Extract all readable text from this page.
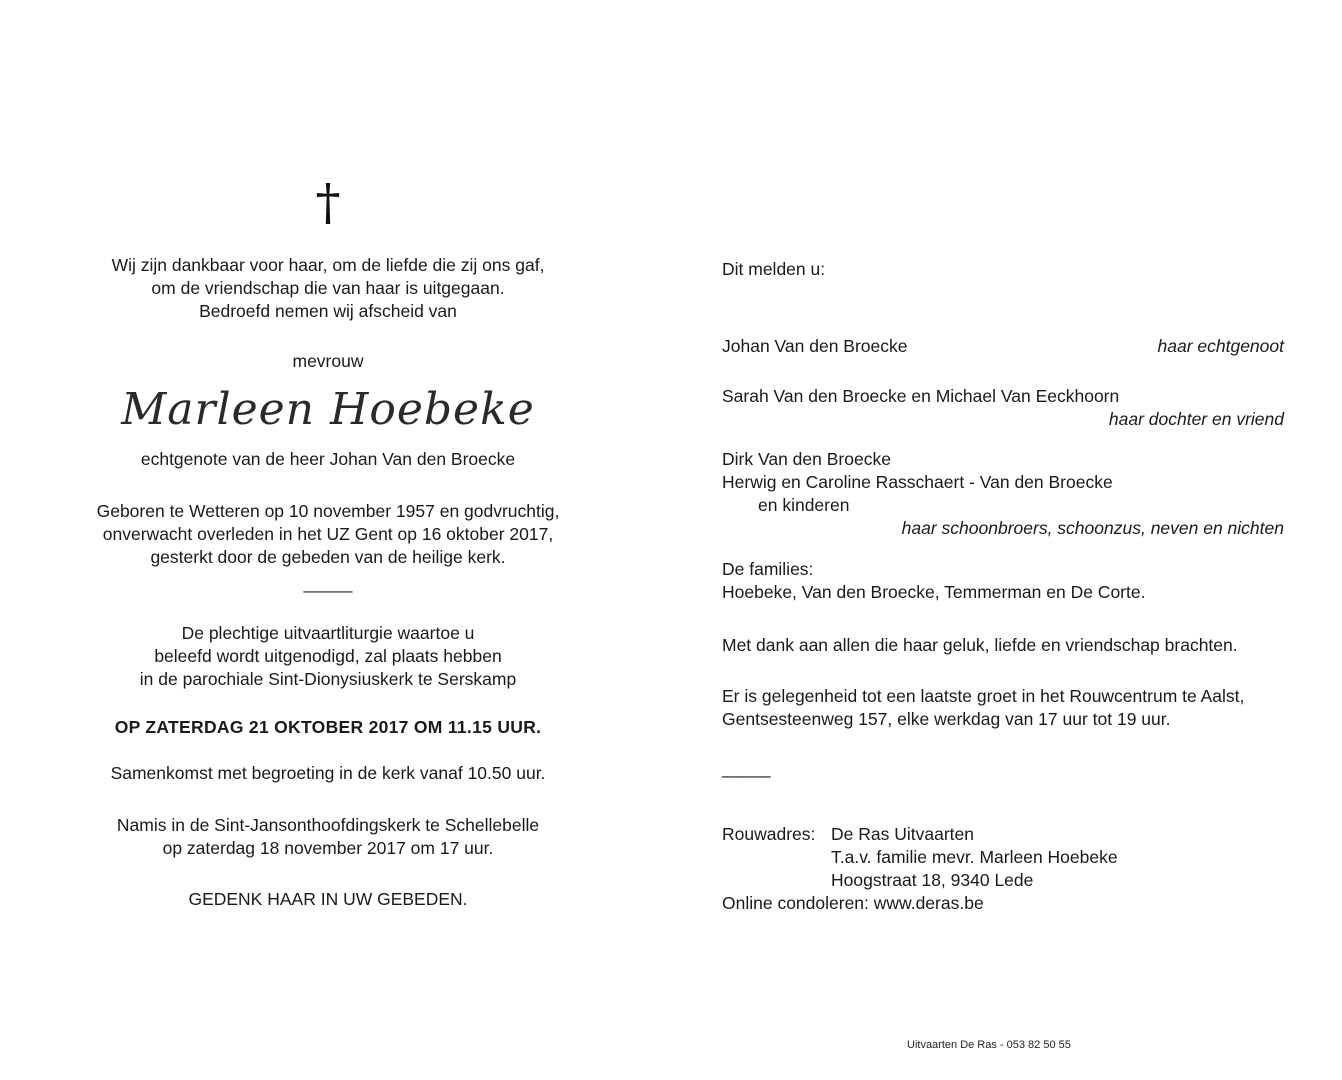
†
Wij zijn dankbaar voor haar, om de liefde die zij ons gaf,
om de vriendschap die van haar is uitgegaan.
Bedroefd nemen wij afscheid van
mevrouw
Marleen Hoebeke
echtgenote van de heer Johan Van den Broecke
Geboren te Wetteren op 10 november 1957 en godvruchtig,
onverwacht overleden in het UZ Gent op 16 oktober 2017,
gesterkt door de gebeden van de heilige kerk.
_____
De plechtige uitvaartliturgie waartoe u
beleefd wordt uitgenodigd, zal plaats hebben
in de parochiale Sint-Dionysiuskerk te Serskamp
OP ZATERDAG 21 OKTOBER 2017 OM 11.15 UUR.
Samenkomst met begroeting in de kerk vanaf 10.50 uur.
Namis in de Sint-Jansonthoofdingskerk te Schellebelle
op zaterdag 18 november 2017 om 17 uur.
GEDENK HAAR IN UW GEBEDEN.
Dit melden u:
Johan Van den Broecke	haar echtgenoot
Sarah Van den Broecke en Michael Van Eeckhoorn
haar dochter en vriend
Dirk Van den Broecke
Herwig en Caroline Rasschaert - Van den Broecke
en kinderen
haar schoonbroers, schoonzus, neven en nichten
De families:
Hoebeke, Van den Broecke, Temmerman en De Corte.
Met dank aan allen die haar geluk, liefde en vriendschap brachten.
Er is gelegenheid tot een laatste groet in het Rouwcentrum te Aalst,
Gentsesteenweg 157, elke werkdag van 17 uur tot 19 uur.
_____
Rouwadres: De Ras Uitvaarten
T.a.v. familie mevr. Marleen Hoebeke
Hoogstraat 18, 9340 Lede
Online condoleren: www.deras.be
Uitvaarten De Ras - 053 82 50 55
